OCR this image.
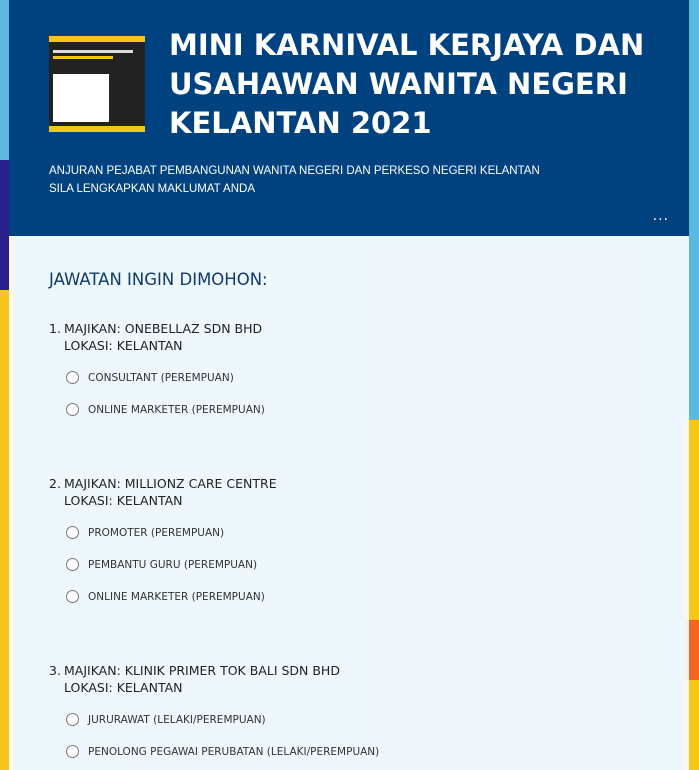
MINI KARNIVAL KERJAYA DAN USAHAWAN WANITA NEGERI KELANTAN 2021
ANJURAN PEJABAT PEMBANGUNAN WANITA NEGERI DAN PERKESO NEGERI KELANTAN
SILA LENGKAPKAN MAKLUMAT ANDA
...
JAWATAN INGIN DIMOHON:
1. MAJIKAN: ONEBELLAZ SDN BHD
LOKASI: KELANTAN
CONSULTANT (PEREMPUAN)
ONLINE MARKETER (PEREMPUAN)
2. MAJIKAN: MILLIONZ CARE CENTRE
LOKASI: KELANTAN
PROMOTER (PEREMPUAN)
PEMBANTU GURU (PEREMPUAN)
ONLINE MARKETER (PEREMPUAN)
3. MAJIKAN: KLINIK PRIMER TOK BALI SDN BHD
LOKASI: KELANTAN
JURURAWAT (LELAKI/PEREMPUAN)
PENOLONG PEGAWAI PERUBATAN (LELAKI/PEREMPUAN)
